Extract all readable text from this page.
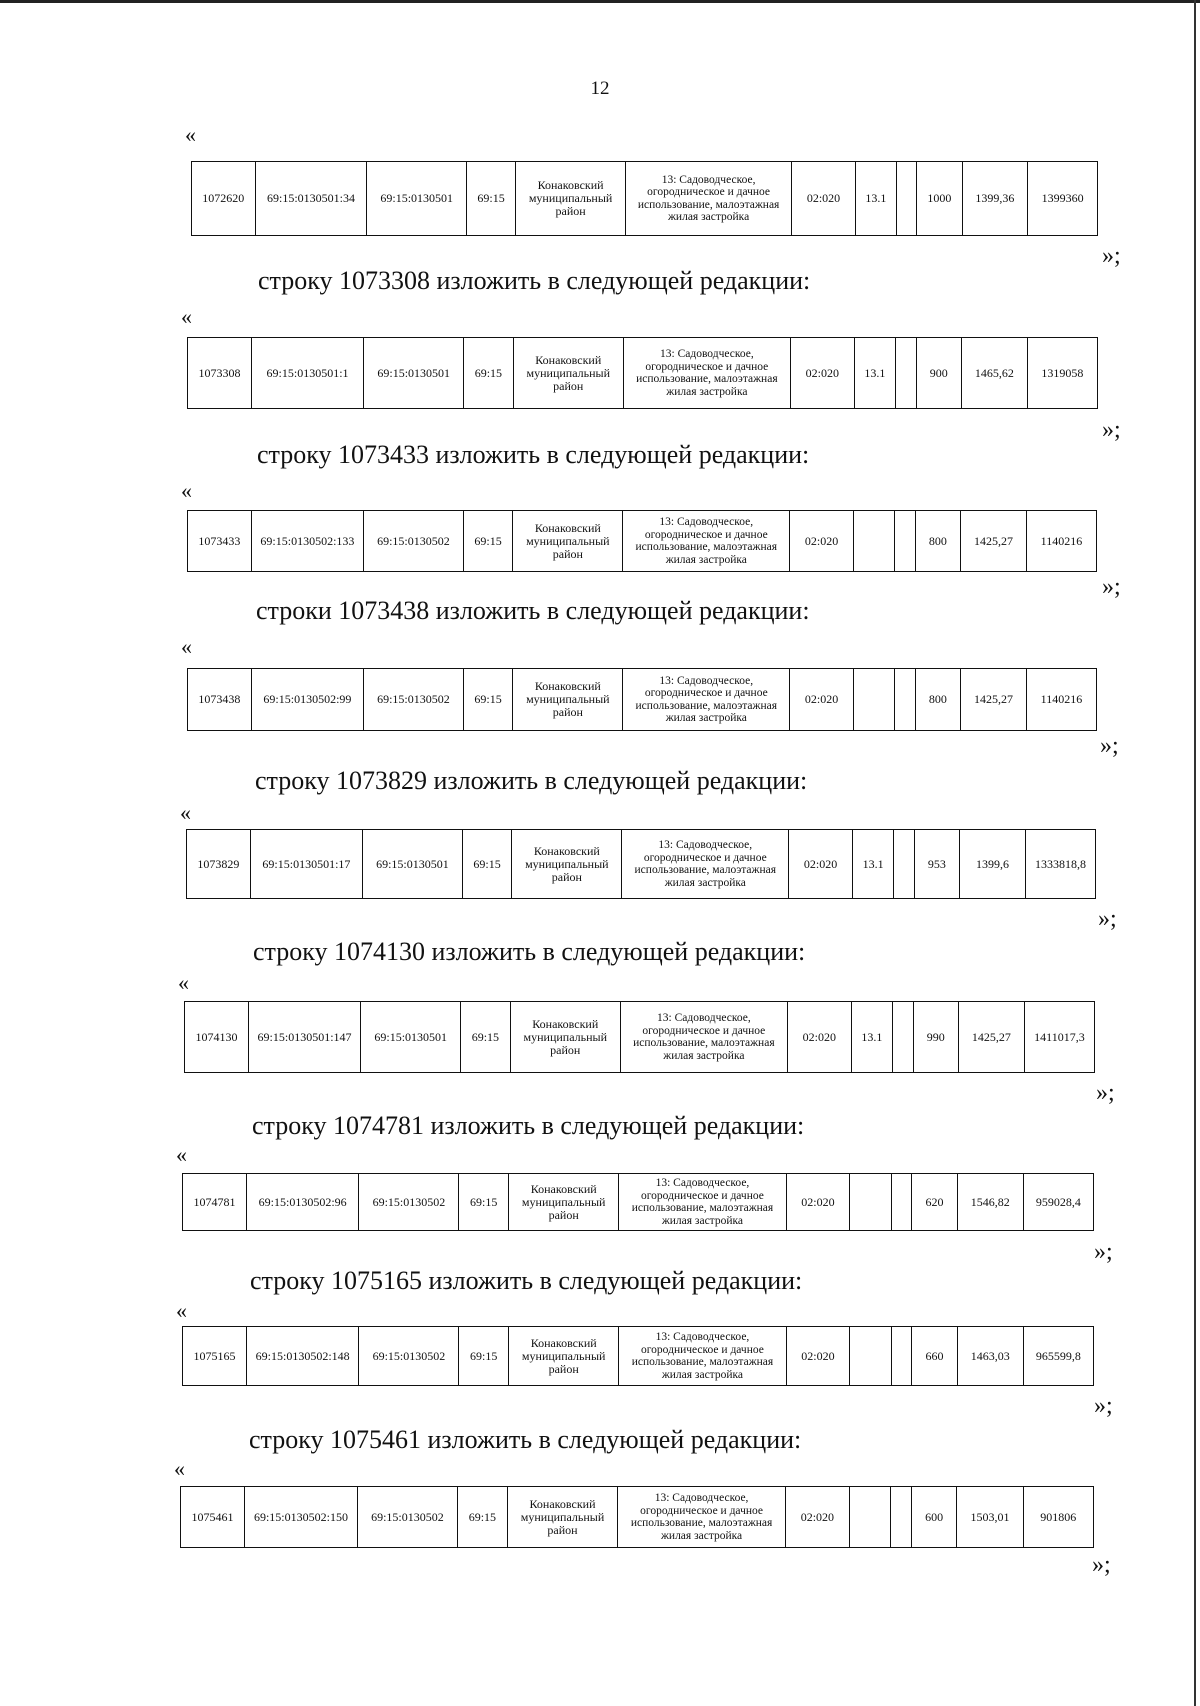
12
«
1072620	69:15:0130501:34	69:15:0130501	69:15	Конаковский муниципальный район	13: Садоводческое, огородническое и дачное использование, малоэтажная жилая застройка	02:020	13.1		1000	1399,36	1399360
»;
строку 1073308 изложить в следующей редакции:
«
1073308	69:15:0130501:1	69:15:0130501	69:15	Конаковский муниципальный район	13: Садоводческое, огородническое и дачное использование, малоэтажная жилая застройка	02:020	13.1		900	1465,62	1319058
»;
строку 1073433 изложить в следующей редакции:
«
1073433	69:15:0130502:133	69:15:0130502	69:15	Конаковский муниципальный район	13: Садоводческое, огородническое и дачное использование, малоэтажная жилая застройка	02:020			800	1425,27	1140216
»;
строки 1073438 изложить в следующей редакции:
«
1073438	69:15:0130502:99	69:15:0130502	69:15	Конаковский муниципальный район	13: Садоводческое, огородническое и дачное использование, малоэтажная жилая застройка	02:020			800	1425,27	1140216
»;
строку 1073829 изложить в следующей редакции:
«
1073829	69:15:0130501:17	69:15:0130501	69:15	Конаковский муниципальный район	13: Садоводческое, огородническое и дачное использование, малоэтажная жилая застройка	02:020	13.1		953	1399,6	1333818,8
»;
строку 1074130 изложить в следующей редакции:
«
1074130	69:15:0130501:147	69:15:0130501	69:15	Конаковский муниципальный район	13: Садоводческое, огородническое и дачное использование, малоэтажная жилая застройка	02:020	13.1		990	1425,27	1411017,3
»;
строку 1074781 изложить в следующей редакции:
«
1074781	69:15:0130502:96	69:15:0130502	69:15	Конаковский муниципальный район	13: Садоводческое, огородническое и дачное использование, малоэтажная жилая застройка	02:020			620	1546,82	959028,4
»;
строку 1075165 изложить в следующей редакции:
«
1075165	69:15:0130502:148	69:15:0130502	69:15	Конаковский муниципальный район	13: Садоводческое, огородническое и дачное использование, малоэтажная жилая застройка	02:020			660	1463,03	965599,8
»;
строку 1075461 изложить в следующей редакции:
«
1075461	69:15:0130502:150	69:15:0130502	69:15	Конаковский муниципальный район	13: Садоводческое, огородническое и дачное использование, малоэтажная жилая застройка	02:020			600	1503,01	901806
»;
